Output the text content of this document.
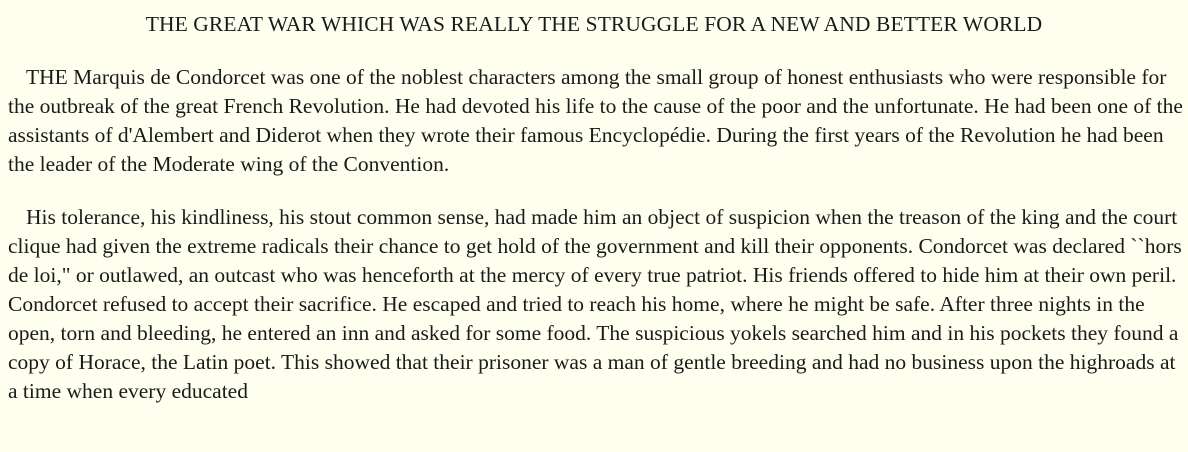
THE GREAT WAR WHICH WAS REALLY THE STRUGGLE FOR A NEW AND BETTER WORLD

THE Marquis de Condorcet was one of the noblest characters among the small group of honest enthusiasts who were responsible for the outbreak of the great French Revolution. He had devoted his life to the cause of the poor and the unfortunate. He had been one of the assistants of d'Alembert and Diderot when they wrote their famous Encyclopédie. During the first years of the Revolution he had been the leader of the Moderate wing of the Convention.

His tolerance, his kindliness, his stout common sense, had made him an object of suspicion when the treason of the king and the court clique had given the extreme radicals their chance to get hold of the government and kill their opponents. Condorcet was declared ``hors de loi," or outlawed, an outcast who was henceforth at the mercy of every true patriot. His friends offered to hide him at their own peril. Condorcet refused to accept their sacrifice. He escaped and tried to reach his home, where he might be safe. After three nights in the open, torn and bleeding, he entered an inn and asked for some food. The suspicious yokels searched him and in his pockets they found a copy of Horace, the Latin poet. This showed that their prisoner was a man of gentle breeding and had no business upon the highroads at a time when every educated
